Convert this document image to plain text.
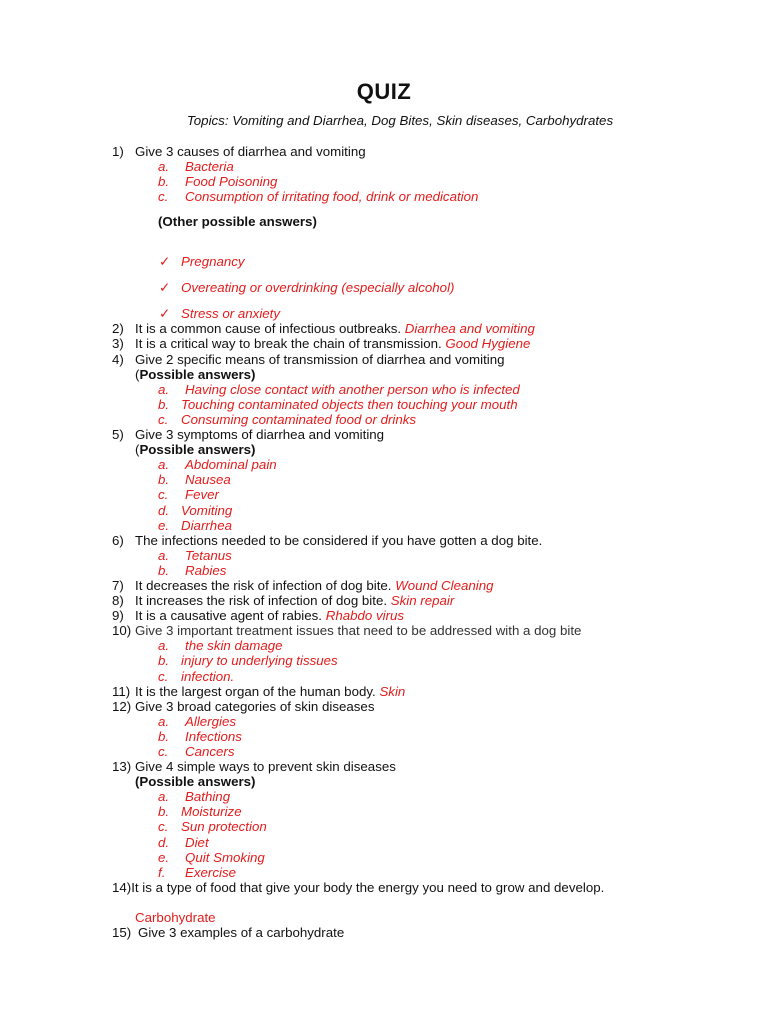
QUIZ
Topics: Vomiting and Diarrhea, Dog Bites, Skin diseases, Carbohydrates
1) Give 3 causes of diarrhea and vomiting
a. Bacteria
b. Food Poisoning
c. Consumption of irritating food, drink or medication
(Other possible answers)
✓ Pregnancy
✓ Overeating or overdrinking (especially alcohol)
✓ Stress or anxiety
2) It is a common cause of infectious outbreaks. Diarrhea and vomiting
3) It is a critical way to break the chain of transmission. Good Hygiene
4) Give 2 specific means of transmission of diarrhea and vomiting
(Possible answers)
a. Having close contact with another person who is infected
b. Touching contaminated objects then touching your mouth
c. Consuming contaminated food or drinks
5) Give 3 symptoms of diarrhea and vomiting
(Possible answers)
a. Abdominal pain
b. Nausea
c. Fever
d. Vomiting
e. Diarrhea
6) The infections needed to be considered if you have gotten a dog bite.
a. Tetanus
b. Rabies
7) It decreases the risk of infection of dog bite. Wound Cleaning
8) It increases the risk of infection of dog bite. Skin repair
9) It is a causative agent of rabies. Rhabdo virus
10) Give 3 important treatment issues that need to be addressed with a dog bite
a. the skin damage
b. injury to underlying tissues
c. infection.
11) It is the largest organ of the human body. Skin
12) Give 3 broad categories of skin diseases
a. Allergies
b. Infections
c. Cancers
13) Give 4 simple ways to prevent skin diseases
(Possible answers)
a. Bathing
b. Moisturize
c. Sun protection
d. Diet
e. Quit Smoking
f. Exercise
14)It is a type of food that give your body the energy you need to grow and develop.
Carbohydrate
15) Give 3 examples of a carbohydrate
